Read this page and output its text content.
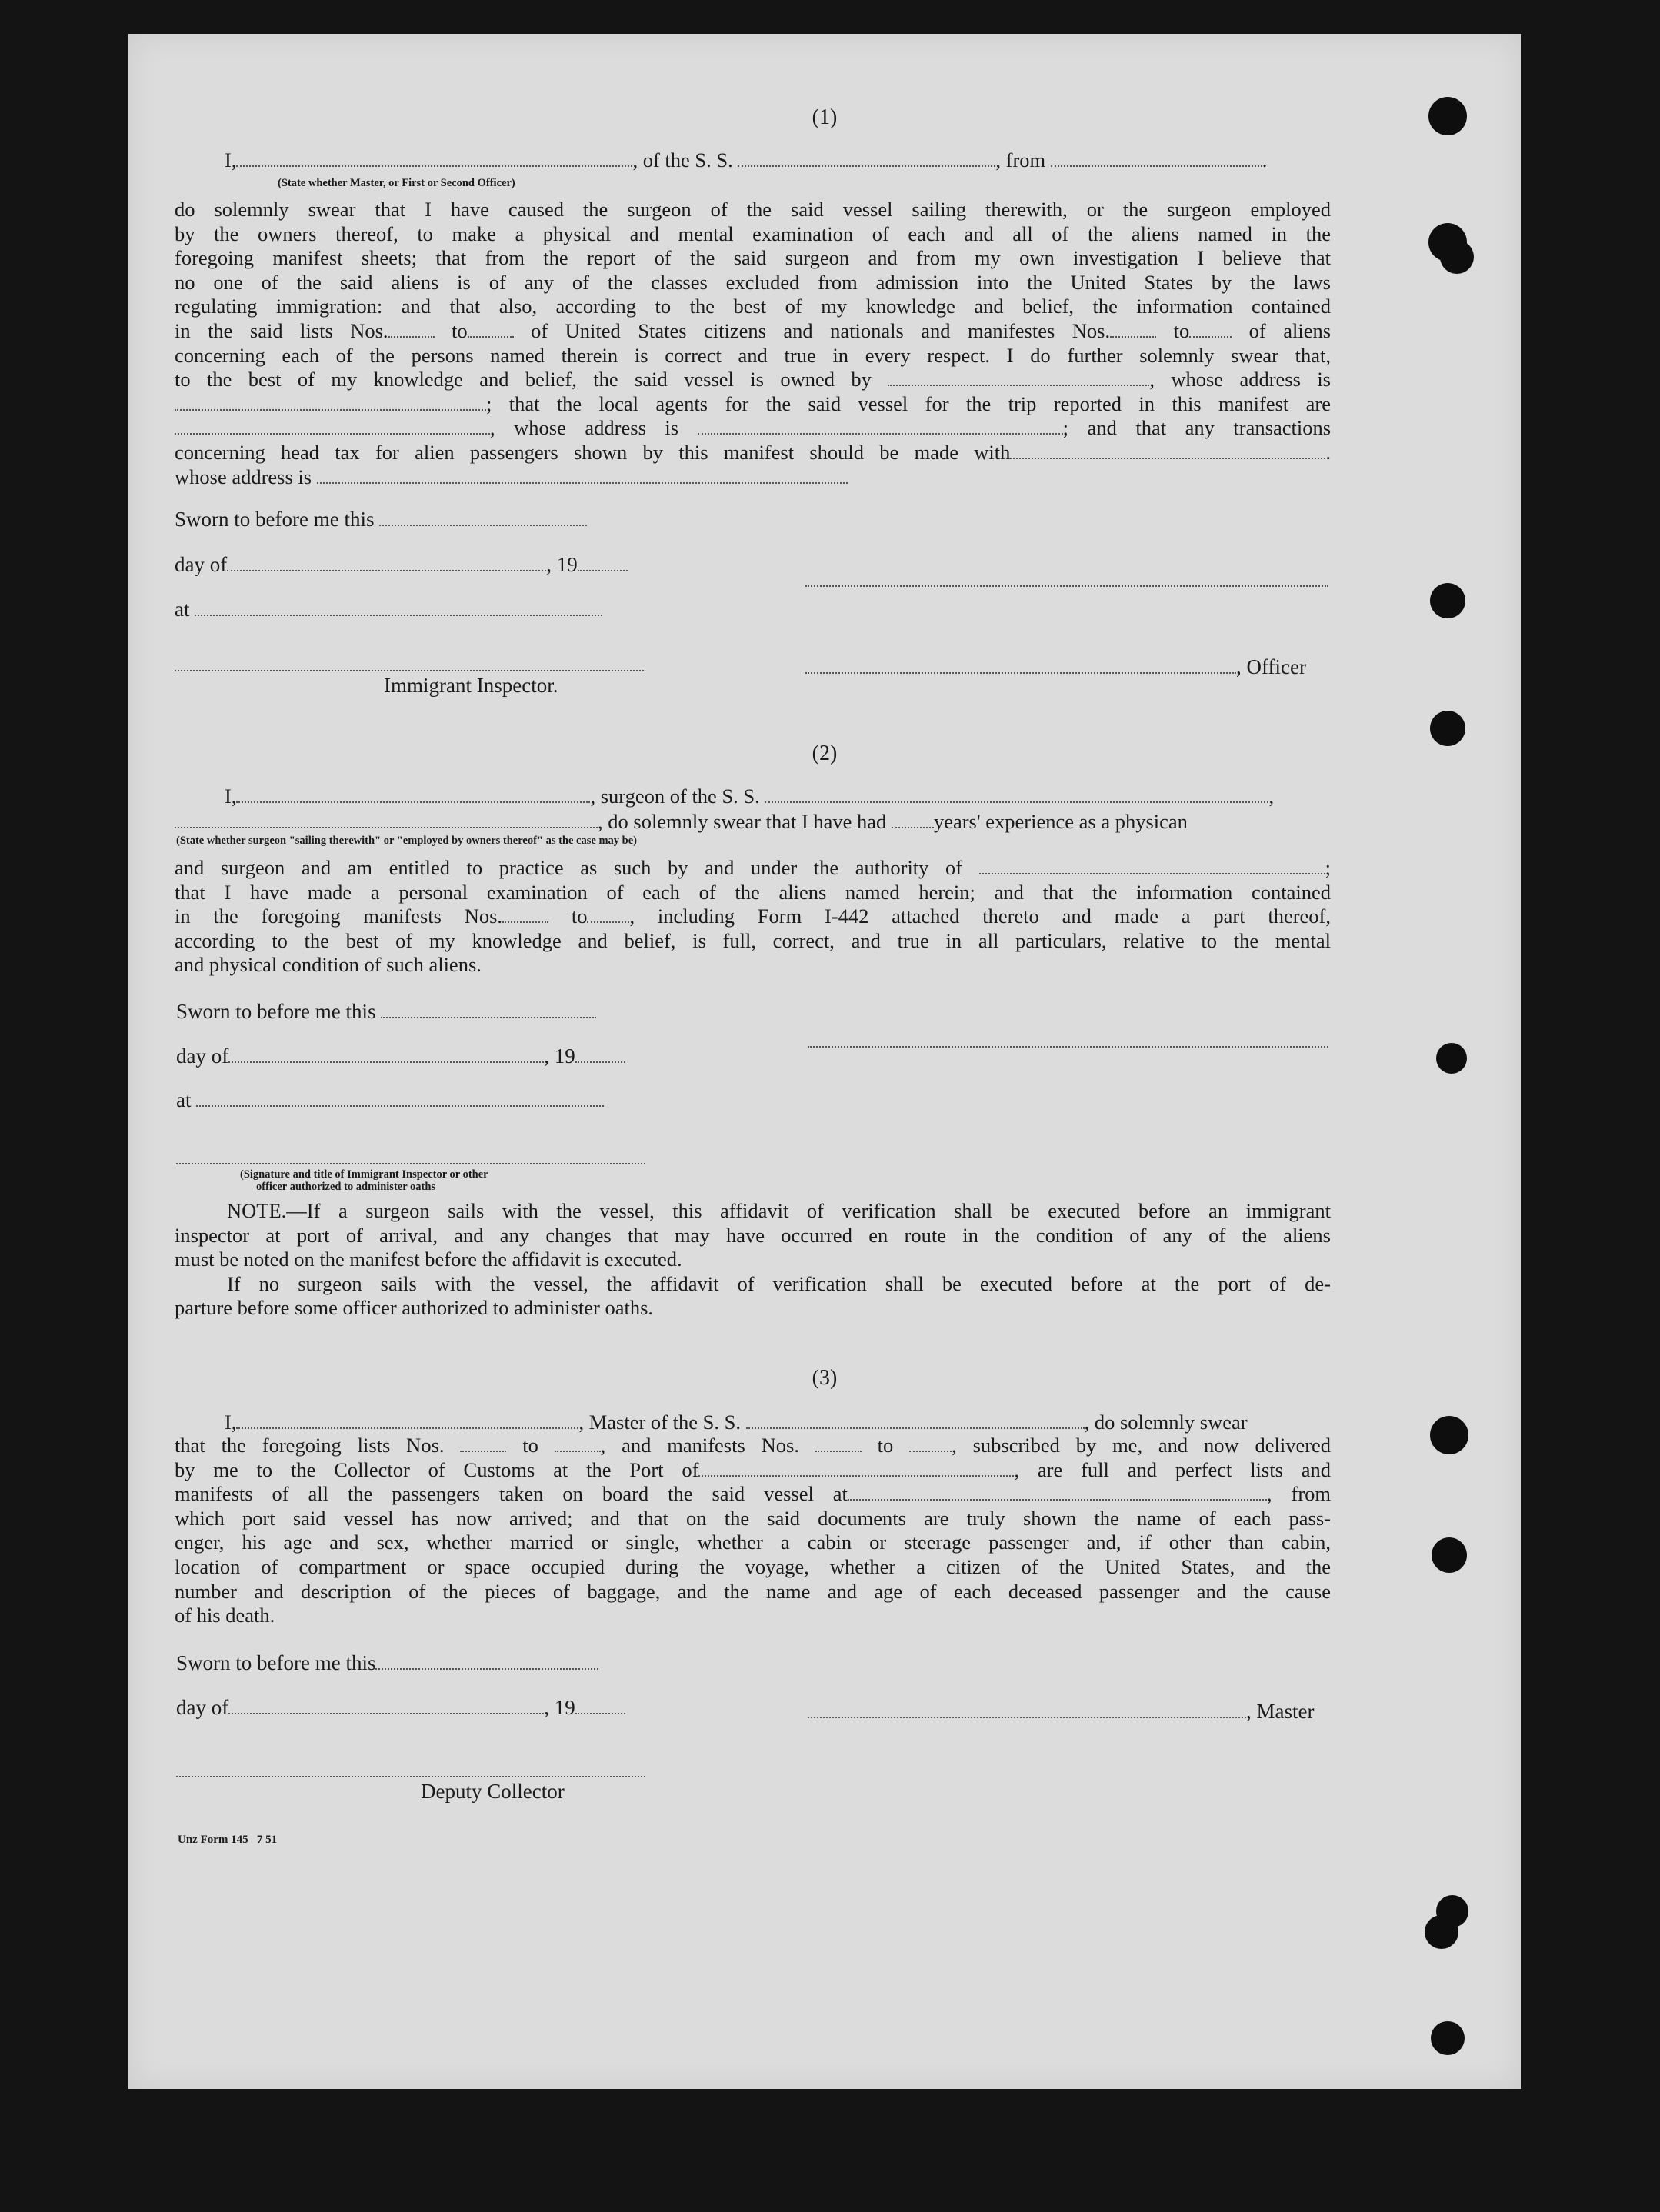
(1)
I,	, of the S. S.	, from	.
(State whether Master, or First or Second Officer)
do solemnly swear that I have caused the surgeon of the said vessel sailing therewith, or the surgeon employed
by the owners thereof, to make a physical and mental examination of each and all of the aliens named in the
foregoing manifest sheets; that from the report of the said surgeon and from my own investigation I believe that
no one of the said aliens is of any of the classes excluded from admission into the United States by the laws
regulating immigration: and that also, according to the best of my knowledge and belief, the information contained
in the said lists Nos.	to	of United States citizens and nationals and manifestes Nos.	to	of aliens
concerning each of the persons named therein is correct and true in every respect. I do further solemnly swear that,
to the best of my knowledge and belief, the said vessel is owned by	, whose address is
; that the local agents for the said vessel for the trip reported in this manifest are
, whose address is	; and that any transactions
concerning head tax for alien passengers shown by this manifest should be made with	.
whose address is
Sworn to before me this
day of	, 19
at
, Officer
Immigrant Inspector.
(2)
I,	, surgeon of the S. S.	,
, do solemnly swear that I have had years' experience as a physican
(State whether surgeon "sailing therewith" or "employed by owners thereof" as the case may be)
and surgeon and am entitled to practice as such by and under the authority of	;
that I have made a personal examination of each of the aliens named herein; and that the information contained
in the foregoing manifests Nos.	to , including Form I-442 attached thereto and made a part thereof,
according to the best of my knowledge and belief, is full, correct, and true in all particulars, relative to the mental
and physical condition of such aliens.
Sworn to before me this
day of	, 19
at
(Signature and title of Immigrant Inspector or other
officer authorized to administer oaths
NOTE.—If a surgeon sails with the vessel, this affidavit of verification shall be executed before an immigrant
inspector at port of arrival, and any changes that may have occurred en route in the condition of any of the aliens
must be noted on the manifest before the affidavit is executed.
If no surgeon sails with the vessel, the affidavit of verification shall be executed before at the port of de-
parture before some officer authorized to administer oaths.
(3)
I,	, Master of the S. S.	, do solemnly swear
that the foregoing lists Nos.	to	, and manifests Nos.	to	, subscribed by me, and now delivered
by me to the Collector of Customs at the Port of	, are full and perfect lists and
manifests of all the passengers taken on board the said vessel at	, from
which port said vessel has now arrived; and that on the said documents are truly shown the name of each pass-
enger, his age and sex, whether married or single, whether a cabin or steerage passenger and, if other than cabin,
location of compartment or space occupied during the voyage, whether a citizen of the United States, and the
number and description of the pieces of baggage, and the name and age of each deceased passenger and the cause
of his death.
Sworn to before me this
day of	, 19	, Master
Deputy Collector
Unz Form 145   7 51
